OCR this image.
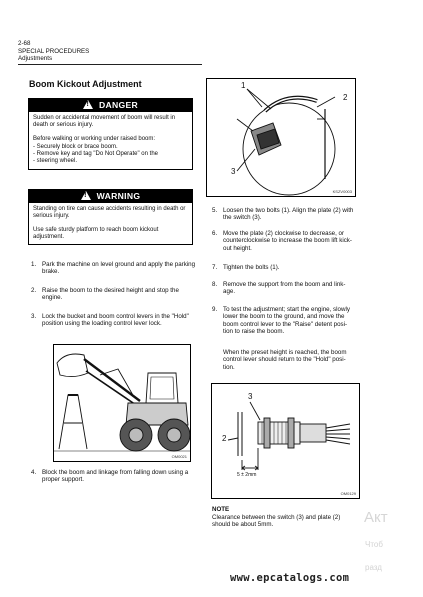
2-68
SPECIAL PROCEDURES
Adjustments
Boom Kickout Adjustment
! DANGER

Sudden or accidental movement of boom will result in death or serious injury.

Before walking or working under raised boom:

- Securely block or brace boom.
- Remove key and tag "Do Not Operate" on the
- steering wheel.
! WARNING

Standing on tire can cause accidents resulting in death or serious injury.

Use safe sturdy platform to reach boom kickout adjustment.

1. Park the machine on level ground and apply the parking brake.
2. Raise the boom to the desired height and stop the engine.
3. Lock the bucket and boom control levers in the "Hold" position using the loading control lever lock.
OM0021
4. Block the boom and linkage from falling down using a proper support.
1
2
3
KSZV0003
5. Loosen the two bolts (1). Align the plate (2) with the switch (3).
6. Move the plate (2) clockwise to decrease, or counterclockwise to increase the boom lift kick-out height.
7. Tighten the bolts (1).
8. Remove the support from the boom and link-age.
9. To test the adjustment; start the engine, slowly lower the boom to the ground, and move the boom control lever to the "Raise" detent posi-tion to raise the boom.
When the preset height is reached, the boom control lever should return to the "Hold" posi-tion.
3
2
5 ± 2mm
OM0129
NOTE
Clearance between the switch (3) and plate (2) should be about 5mm.	Акт
Чтоб
разд
www.epcatalogs.com
